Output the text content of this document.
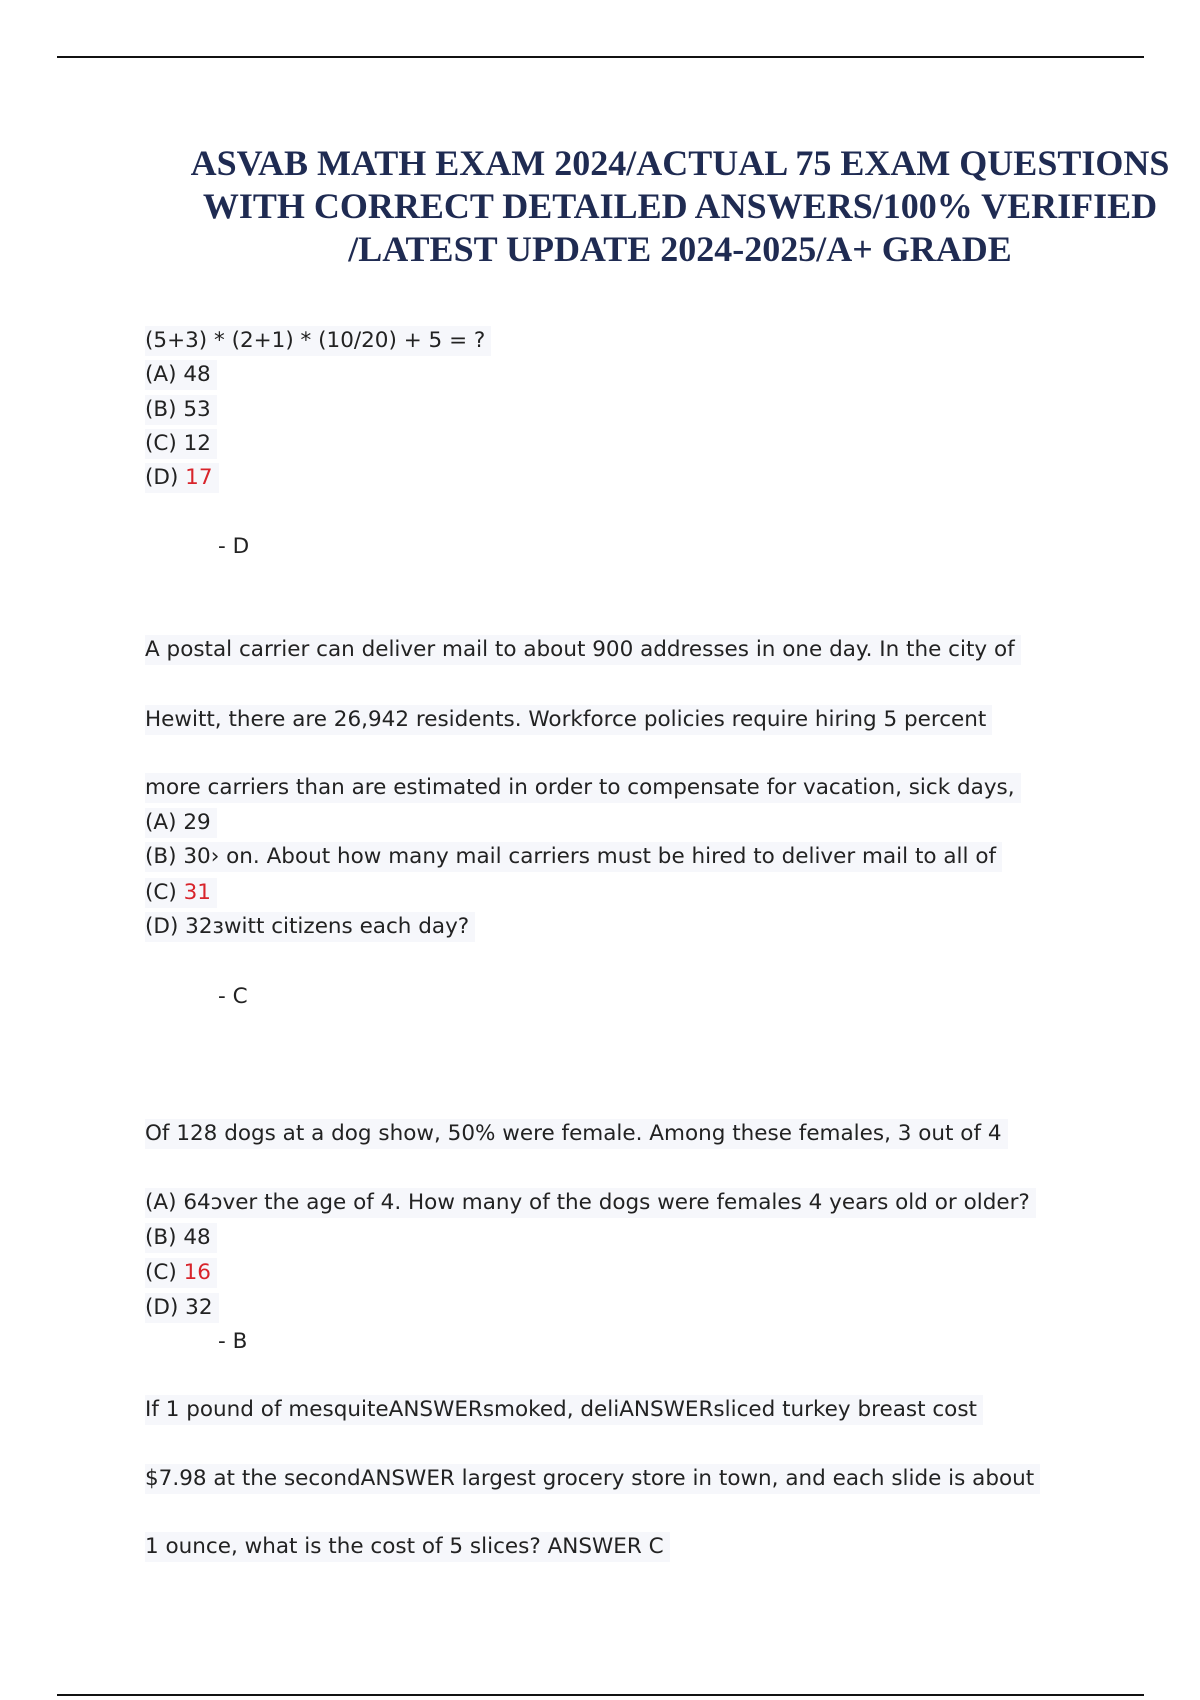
ASVAB MATH EXAM 2024/ACTUAL 75 EXAM QUESTIONS
WITH CORRECT DETAILED ANSWERS/100% VERIFIED
/LATEST UPDATE 2024-2025/A+ GRADE
(5+3) * (2+1) * (10/20) + 5 = ?
(A) 48
(B) 53
(C) 12
(D) 17
- D
A postal carrier can deliver mail to about 900 addresses in one day. In the city of
Hewitt, there are 26,942 residents. Workforce policies require hiring 5 percent
more carriers than are estimated in order to compensate for vacation, sick days,
(A) 29
(B) 30› on. About how many mail carriers must be hired to deliver mail to all of
(C) 31
(D) 32ɜwitt citizens each day?
- C
Of 128 dogs at a dog show, 50% were female. Among these females, 3 out of 4
(A) 64ɔver the age of 4. How many of the dogs were females 4 years old or older?
(B) 48
(C) 16
(D) 32
- B
If 1 pound of mesquiteANSWERsmoked, deliANSWERsliced turkey breast cost
$7.98 at the secondANSWER largest grocery store in town, and each slide is about
1 ounce, what is the cost of 5 slices? ANSWER C
